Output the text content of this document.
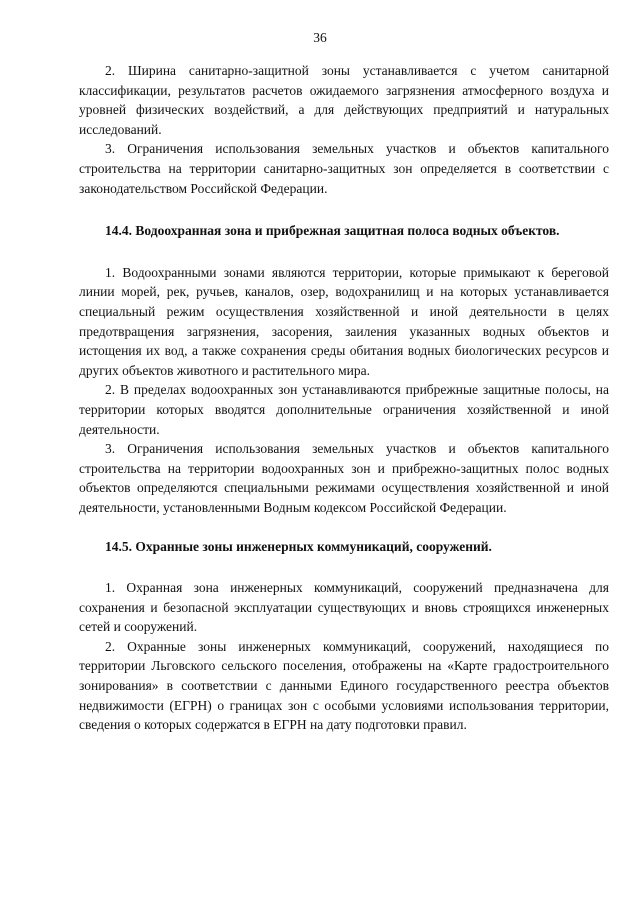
36

2. Ширина санитарно-защитной зоны устанавливается с учетом санитарной классификации, результатов расчетов ожидаемого загрязнения атмосферного воздуха и уровней физических воздействий, а для действующих предприятий и натуральных исследований.

3. Ограничения использования земельных участков и объектов капитального строительства на территории санитарно-защитных зон определяется в соответствии с законодательством Российской Федерации.

14.4. Водоохранная зона и прибрежная защитная полоса водных объектов.

1. Водоохранными зонами являются территории, которые примыкают к береговой линии морей, рек, ручьев, каналов, озер, водохранилищ и на которых устанавливается специальный режим осуществления хозяйственной и иной деятельности в целях предотвращения загрязнения, засорения, заиления указанных водных объектов и истощения их вод, а также сохранения среды обитания водных биологических ресурсов и других объектов животного и растительного мира.

2. В пределах водоохранных зон устанавливаются прибрежные защитные полосы, на территории которых вводятся дополнительные ограничения хозяйственной и иной деятельности.

3. Ограничения использования земельных участков и объектов капитального строительства на территории водоохранных зон и прибрежно-защитных полос водных объектов определяются специальными режимами осуществления хозяйственной и иной деятельности, установленными Водным кодексом Российской Федерации.

14.5. Охранные зоны инженерных коммуникаций, сооружений.

1. Охранная зона инженерных коммуникаций, сооружений предназначена для сохранения и безопасной эксплуатации существующих и вновь строящихся инженерных сетей и сооружений.

2. Охранные зоны инженерных коммуникаций, сооружений, находящиеся по территории Льговского сельского поселения, отображены на «Карте градостроительного зонирования» в соответствии с данными Единого государственного реестра объектов недвижимости (ЕГРН) о границах зон с особыми условиями использования территории, сведения о которых содержатся в ЕГРН на дату подготовки правил.
